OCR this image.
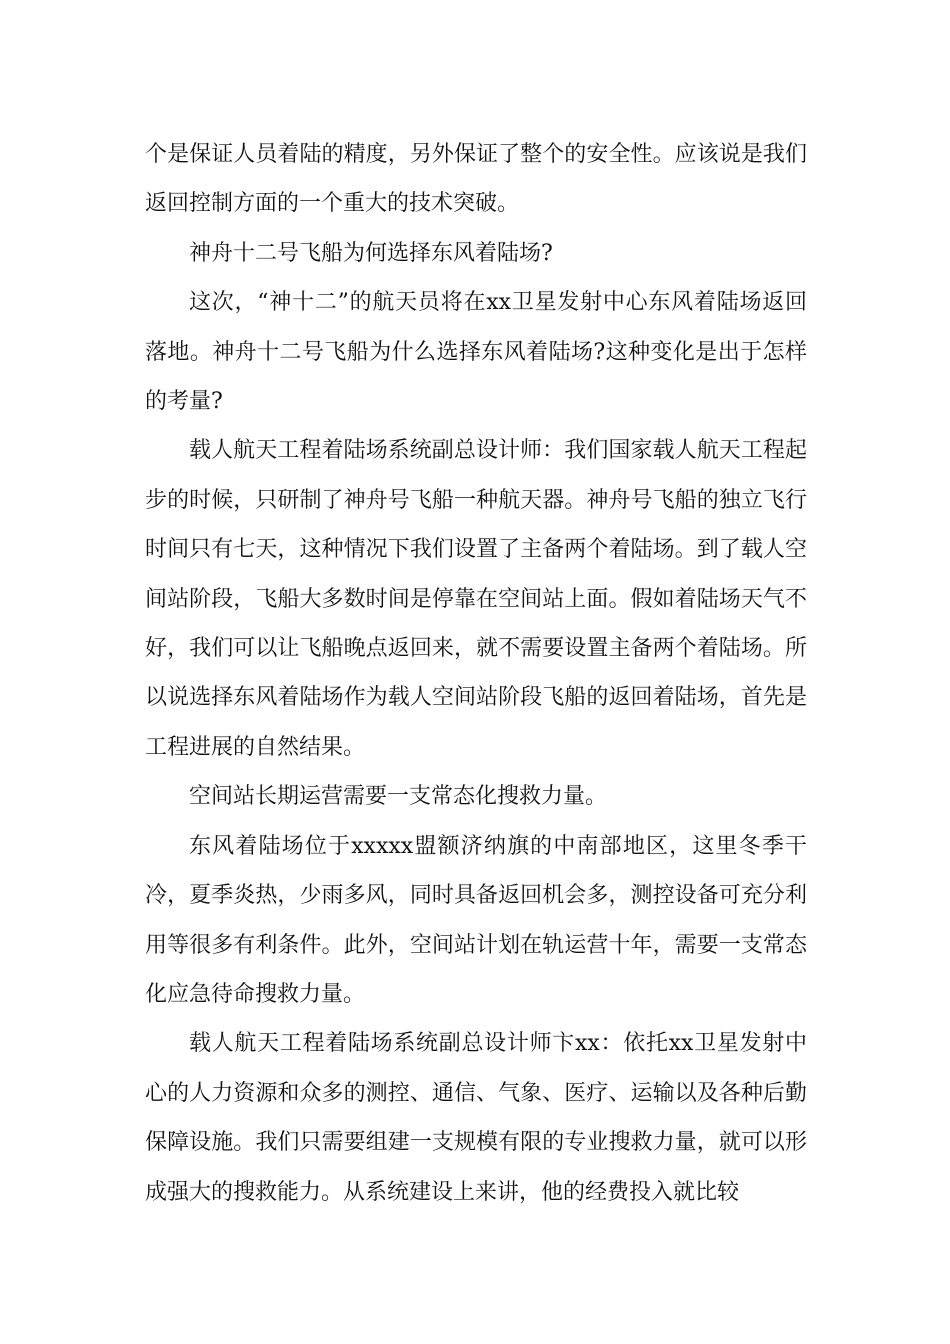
个是保证人员着陆的精度，另外保证了整个的安全性。应该说是我们返回控制方面的一个重大的技术突破。

神舟十二号飞船为何选择东风着陆场?

这次，“神十二”的航天员将在xx卫星发射中心东风着陆场返回落地。神舟十二号飞船为什么选择东风着陆场?这种变化是出于怎样的考量?

载人航天工程着陆场系统副总设计师：我们国家载人航天工程起步的时候，只研制了神舟号飞船一种航天器。神舟号飞船的独立飞行时间只有七天，这种情况下我们设置了主备两个着陆场。到了载人空间站阶段，飞船大多数时间是停靠在空间站上面。假如着陆场天气不好，我们可以让飞船晚点返回来，就不需要设置主备两个着陆场。所以说选择东风着陆场作为载人空间站阶段飞船的返回着陆场，首先是工程进展的自然结果。

空间站长期运营需要一支常态化搜救力量。

东风着陆场位于xxxxx盟额济纳旗的中南部地区，这里冬季干冷，夏季炎热，少雨多风，同时具备返回机会多，测控设备可充分利用等很多有利条件。此外，空间站计划在轨运营十年，需要一支常态化应急待命搜救力量。

载人航天工程着陆场系统副总设计师卞xx：依托xx卫星发射中心的人力资源和众多的测控、通信、气象、医疗、运输以及各种后勤保障设施。我们只需要组建一支规模有限的专业搜救力量，就可以形成强大的搜救能力。从系统建设上来讲，他的经费投入就比较
